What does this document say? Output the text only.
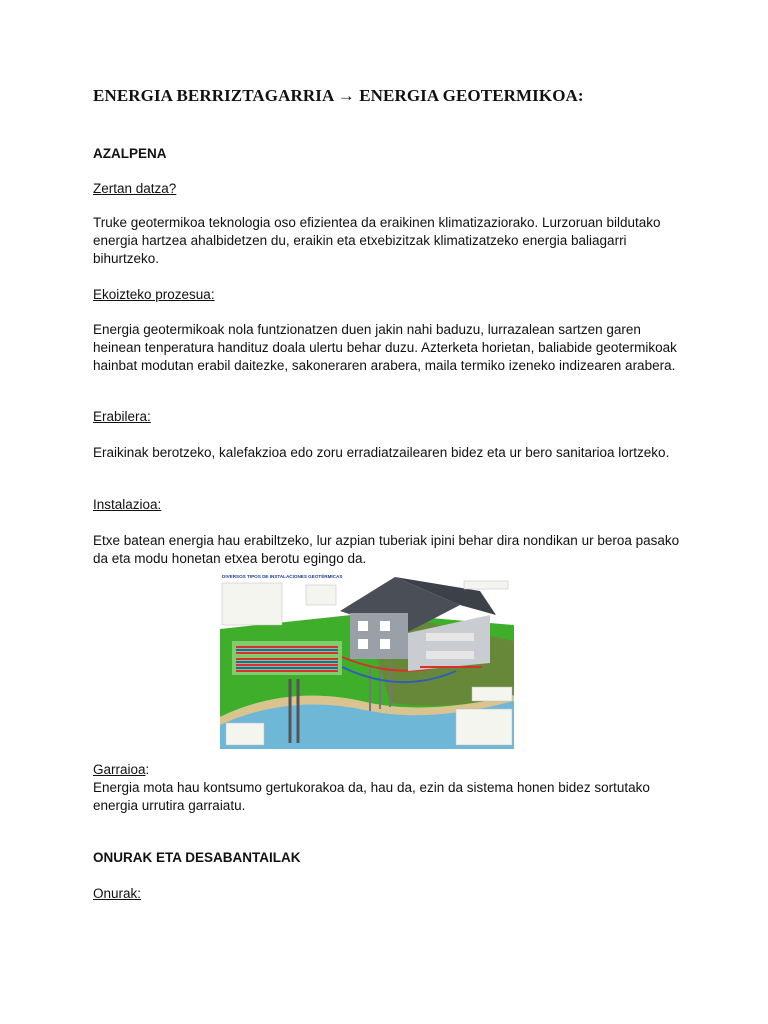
ENERGIA BERRIZTAGARRIA → ENERGIA GEOTERMIKOA:
AZALPENA
Zertan datza?
Truke geotermikoa teknologia oso efizientea da eraikinen klimatizaziorako. Lurzoruan bildutako energia hartzea ahalbidetzen du, eraikin eta etxebizitzak klimatizatzeko energia baliagarri bihurtzeko.
Ekoizteko prozesua:
Energia geotermikoak nola funtzionatzen duen jakin nahi baduzu, lurrazalean sartzen garen heinean tenperatura handituz doala ulertu behar duzu. Azterketa horietan, baliabide geotermikoak hainbat modutan erabil daitezke, sakoneraren arabera, maila termiko izeneko indizearen arabera.
Erabilera:
Eraikinak berotzeko, kalefakzioa edo zoru erradiatzailearen bidez eta ur bero sanitarioa lortzeko.
Instalazioa:
Etxe batean energia hau erabiltzeko, lur azpian tuberiak ipini behar dira nondikan ur beroa pasako da eta modu honetan etxea berotu egingo da.
DIVERSOS TIPOS DE INSTALACIONES GEOTÉRMICAS
Garraioa:
Energia mota hau kontsumo gertukorakoa da, hau da, ezin da sistema honen bidez sortutako energia urrutira garraiatu.
ONURAK ETA DESABANTAILAK
Onurak:
